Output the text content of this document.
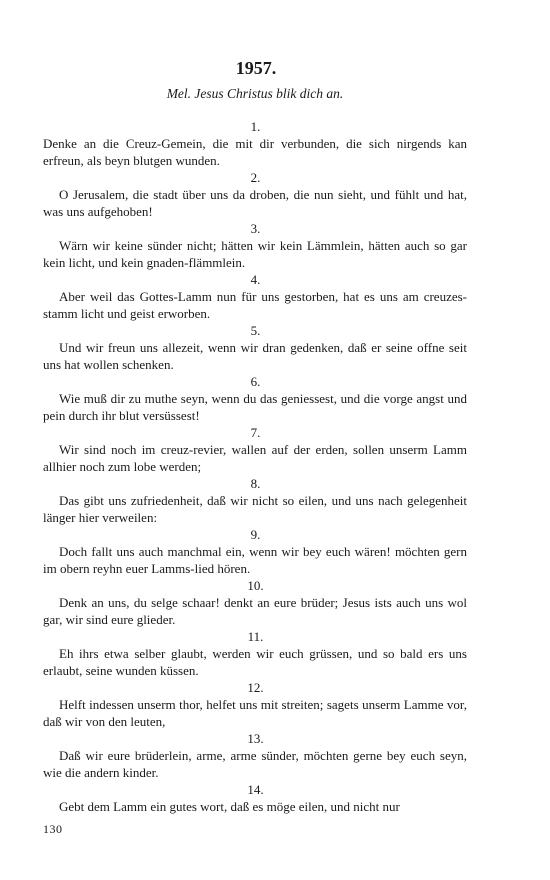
1957.
Mel. Jesus Christus blik dich an.
1.

Denke an die Creuz-Gemein, die mit dir verbunden, die sich nirgends kan erfreun, als beyn blutgen wunden.

2.

O Jerusalem, die stadt über uns da droben, die nun sieht, und fühlt und hat, was uns aufgehoben!

3.

Wärn wir keine sünder nicht; hätten wir kein Lämmlein, hätten auch so gar kein licht, und kein gnaden-flämmlein.

4.

Aber weil das Gottes-Lamm nun für uns gestorben, hat es uns am creuzes-stamm licht und geist erworben.

5.

Und wir freun uns allezeit, wenn wir dran gedenken, daß er seine offne seit uns hat wollen schenken.

6.

Wie muß dir zu muthe seyn, wenn du das geniessest, und die vorge angst und pein durch ihr blut versüssest!

7.

Wir sind noch im creuz-revier, wallen auf der erden, sollen unserm Lamm allhier noch zum lobe werden;

8.

Das gibt uns zufriedenheit, daß wir nicht so eilen, und uns nach gelegenheit länger hier verweilen:

9.

Doch fallt uns auch manchmal ein, wenn wir bey euch wären! möchten gern im obern reyhn euer Lamms-lied hören.

10.

Denk an uns, du selge schaar! denkt an eure brüder; Jesus ists auch uns wol gar, wir sind eure glieder.

11.

Eh ihrs etwa selber glaubt, werden wir euch grüssen, und so bald ers uns erlaubt, seine wunden küssen.

12.

Helft indessen unserm thor, helfet uns mit streiten; sagets unserm Lamme vor, daß wir von den leuten,

13.

Daß wir eure brüderlein, arme, arme sünder, möchten gerne bey euch seyn, wie die andern kinder.

14.

Gebt dem Lamm ein gutes wort, daß es möge eilen, und nicht nur

130
